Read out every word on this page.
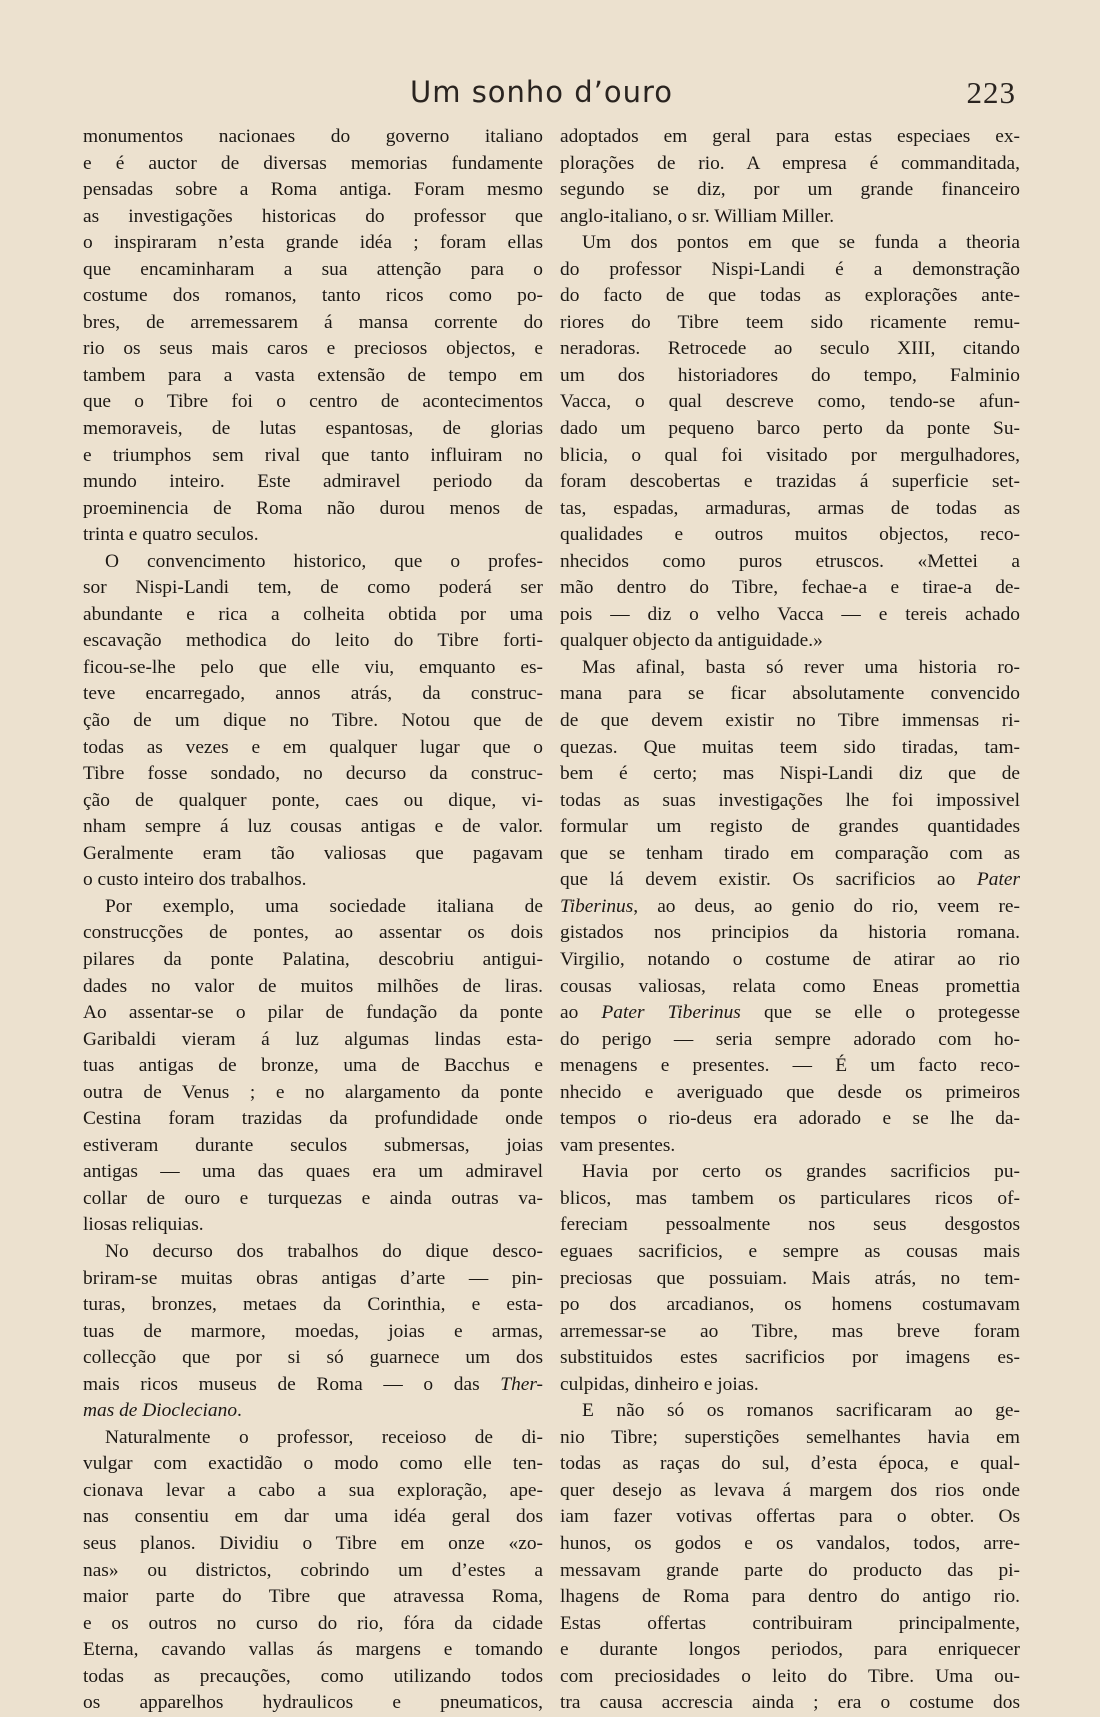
Um sonho d’ouro	223
monumentos nacionaes do governo italiano
e é auctor de diversas memorias fundamente
pensadas sobre a Roma antiga. Foram mesmo
as investigações historicas do professor que
o inspiraram n’esta grande idéa ; foram ellas
que encaminharam a sua attenção para o
costume dos romanos, tanto ricos como po-
bres, de arremessarem á mansa corrente do
rio os seus mais caros e preciosos objectos, e
tambem para a vasta extensão de tempo em
que o Tibre foi o centro de acontecimentos
memoraveis, de lutas espantosas, de glorias
e triumphos sem rival que tanto influiram no
mundo inteiro. Este admiravel periodo da
proeminencia de Roma não durou menos de
trinta e quatro seculos.
O convencimento historico, que o profes-
sor Nispi-Landi tem, de como poderá ser
abundante e rica a colheita obtida por uma
escavação methodica do leito do Tibre forti-
ficou-se-lhe pelo que elle viu, emquanto es-
teve encarregado, annos atrás, da construc-
ção de um dique no Tibre. Notou que de
todas as vezes e em qualquer lugar que o
Tibre fosse sondado, no decurso da construc-
ção de qualquer ponte, caes ou dique, vi-
nham sempre á luz cousas antigas e de valor.
Geralmente eram tão valiosas que pagavam
o custo inteiro dos trabalhos.
Por exemplo, uma sociedade italiana de
construcções de pontes, ao assentar os dois
pilares da ponte Palatina, descobriu antigui-
dades no valor de muitos milhões de liras.
Ao assentar-se o pilar de fundação da ponte
Garibaldi vieram á luz algumas lindas esta-
tuas antigas de bronze, uma de Bacchus e
outra de Venus ; e no alargamento da ponte
Cestina foram trazidas da profundidade onde
estiveram durante seculos submersas, joias
antigas — uma das quaes era um admiravel
collar de ouro e turquezas e ainda outras va-
liosas reliquias.
No decurso dos trabalhos do dique desco-
briram-se muitas obras antigas d’arte — pin-
turas, bronzes, metaes da Corinthia, e esta-
tuas de marmore, moedas, joias e armas,
collecção que por si só guarnece um dos
mais ricos museus de Roma — o das Ther-
mas de Diocleciano.
Naturalmente o professor, receioso de di-
vulgar com exactidão o modo como elle ten-
cionava levar a cabo a sua exploração, ape-
nas consentiu em dar uma idéa geral dos
seus planos. Dividiu o Tibre em onze «zo-
nas» ou districtos, cobrindo um d’estes a
maior parte do Tibre que atravessa Roma,
e os outros no curso do rio, fóra da cidade
Eterna, cavando vallas ás margens e tomando
todas as precauções, como utilizando todos
os apparelhos hydraulicos e pneumaticos,
adoptados em geral para estas especiaes ex-
plorações de rio. A empresa é commanditada,
segundo se diz, por um grande financeiro
anglo-italiano, o sr. William Miller.
Um dos pontos em que se funda a theoria
do professor Nispi-Landi é a demonstração
do facto de que todas as explorações ante-
riores do Tibre teem sido ricamente remu-
neradoras. Retrocede ao seculo XIII, citando
um dos historiadores do tempo, Falminio
Vacca, o qual descreve como, tendo-se afun-
dado um pequeno barco perto da ponte Su-
blicia, o qual foi visitado por mergulhadores,
foram descobertas e trazidas á superficie set-
tas, espadas, armaduras, armas de todas as
qualidades e outros muitos objectos, reco-
nhecidos como puros etruscos. «Mettei a
mão dentro do Tibre, fechae-a e tirae-a de-
pois — diz o velho Vacca — e tereis achado
qualquer objecto da antiguidade.»
Mas afinal, basta só rever uma historia ro-
mana para se ficar absolutamente convencido
de que devem existir no Tibre immensas ri-
quezas. Que muitas teem sido tiradas, tam-
bem é certo; mas Nispi-Landi diz que de
todas as suas investigações lhe foi impossivel
formular um registo de grandes quantidades
que se tenham tirado em comparação com as
que lá devem existir. Os sacrificios ao Pater
Tiberinus, ao deus, ao genio do rio, veem re-
gistados nos principios da historia romana.
Virgilio, notando o costume de atirar ao rio
cousas valiosas, relata como Eneas promettia
ao Pater Tiberinus que se elle o protegesse
do perigo — seria sempre adorado com ho-
menagens e presentes. — É um facto reco-
nhecido e averiguado que desde os primeiros
tempos o rio-deus era adorado e se lhe da-
vam presentes.
Havia por certo os grandes sacrificios pu-
blicos, mas tambem os particulares ricos of-
fereciam pessoalmente nos seus desgostos
eguaes sacrificios, e sempre as cousas mais
preciosas que possuiam. Mais atrás, no tem-
po dos arcadianos, os homens costumavam
arremessar-se ao Tibre, mas breve foram
substituidos estes sacrificios por imagens es-
culpidas, dinheiro e joias.
E não só os romanos sacrificaram ao ge-
nio Tibre; superstições semelhantes havia em
todas as raças do sul, d’esta época, e qual-
quer desejo as levava á margem dos rios onde
iam fazer votivas offertas para o obter. Os
hunos, os godos e os vandalos, todos, arre-
messavam grande parte do producto das pi-
lhagens de Roma para dentro do antigo rio.
Estas offertas contribuiram principalmente,
e durante longos periodos, para enriquecer
com preciosidades o leito do Tibre. Uma ou-
tra causa accrescia ainda ; era o costume dos
